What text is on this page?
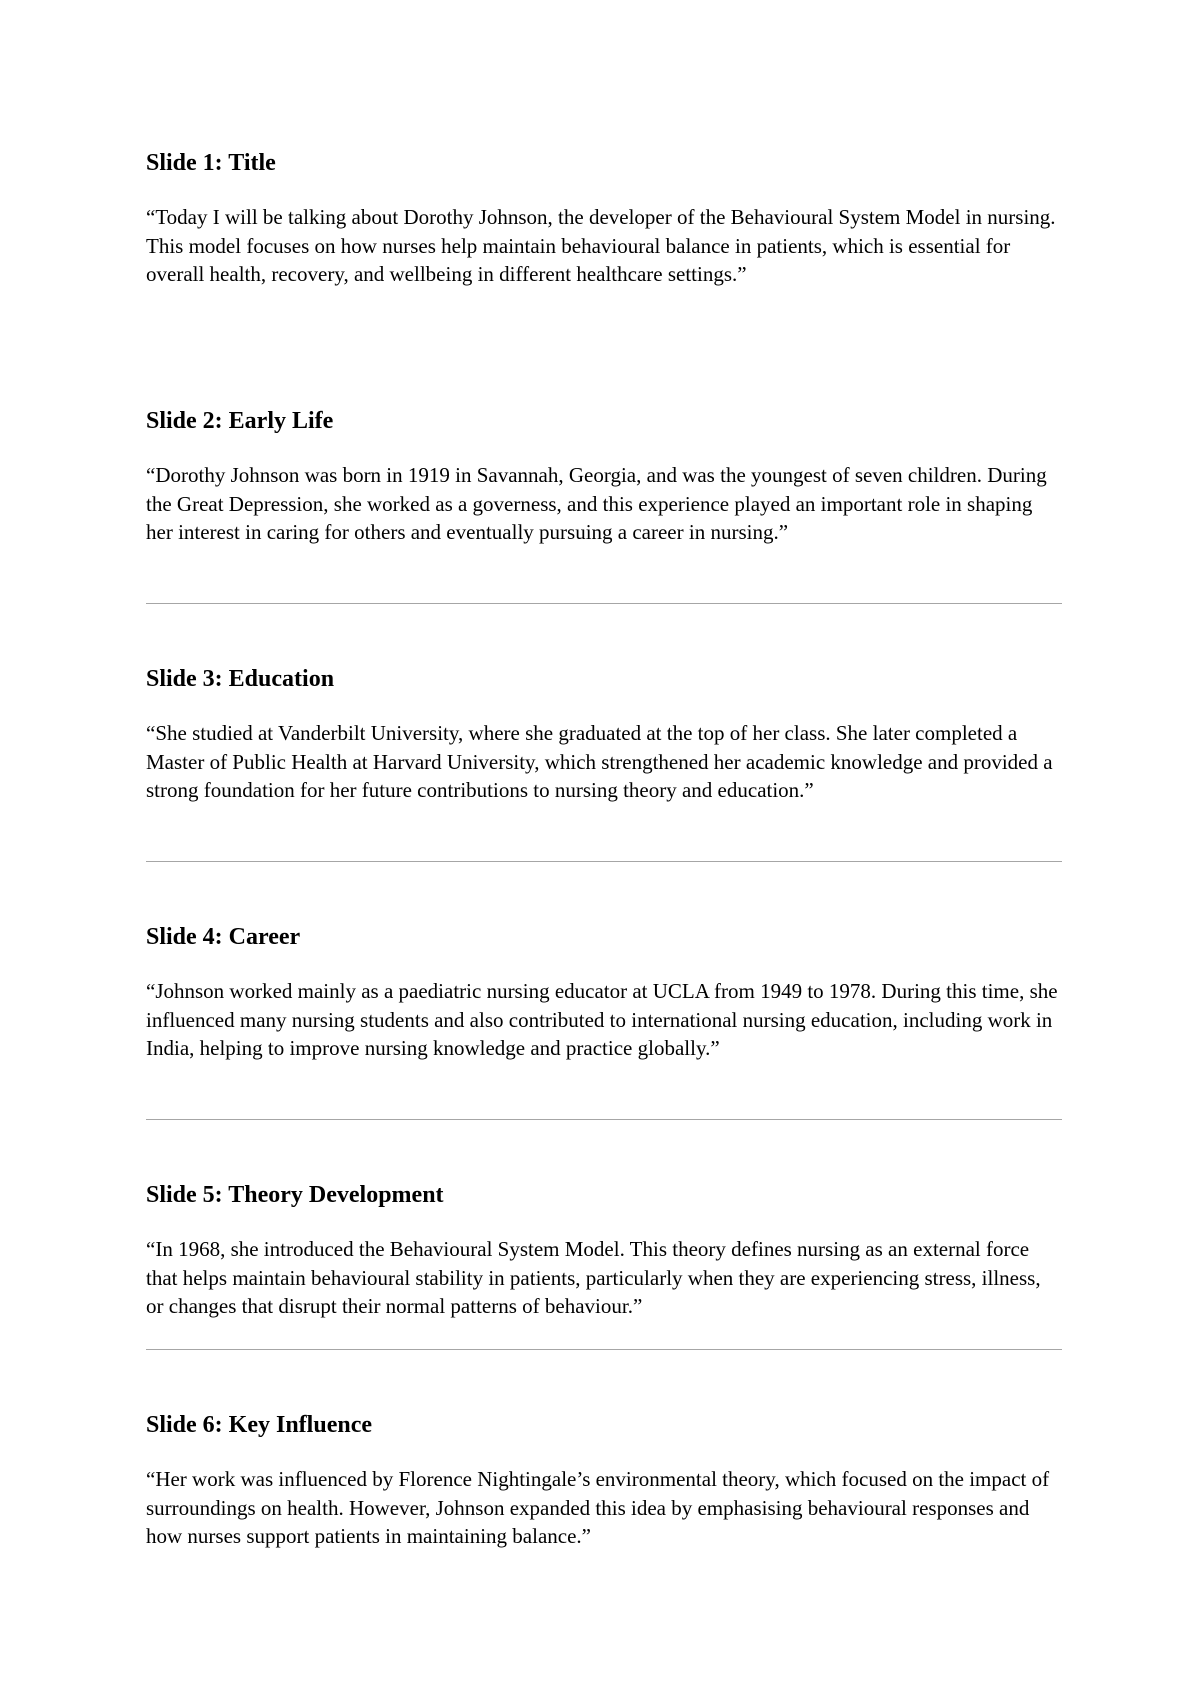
Slide 1: Title

“Today I will be talking about Dorothy Johnson, the developer of the Behavioural System Model in nursing. This model focuses on how nurses help maintain behavioural balance in patients, which is essential for overall health, recovery, and wellbeing in different healthcare settings.”

Slide 2: Early Life

“Dorothy Johnson was born in 1919 in Savannah, Georgia, and was the youngest of seven children. During the Great Depression, she worked as a governess, and this experience played an important role in shaping her interest in caring for others and eventually pursuing a career in nursing.”

Slide 3: Education

“She studied at Vanderbilt University, where she graduated at the top of her class. She later completed a Master of Public Health at Harvard University, which strengthened her academic knowledge and provided a strong foundation for her future contributions to nursing theory and education.”

Slide 4: Career

“Johnson worked mainly as a paediatric nursing educator at UCLA from 1949 to 1978. During this time, she influenced many nursing students and also contributed to international nursing education, including work in India, helping to improve nursing knowledge and practice globally.”

Slide 5: Theory Development

“In 1968, she introduced the Behavioural System Model. This theory defines nursing as an external force that helps maintain behavioural stability in patients, particularly when they are experiencing stress, illness, or changes that disrupt their normal patterns of behaviour.”

Slide 6: Key Influence

“Her work was influenced by Florence Nightingale’s environmental theory, which focused on the impact of surroundings on health. However, Johnson expanded this idea by emphasising behavioural responses and how nurses support patients in maintaining balance.”
